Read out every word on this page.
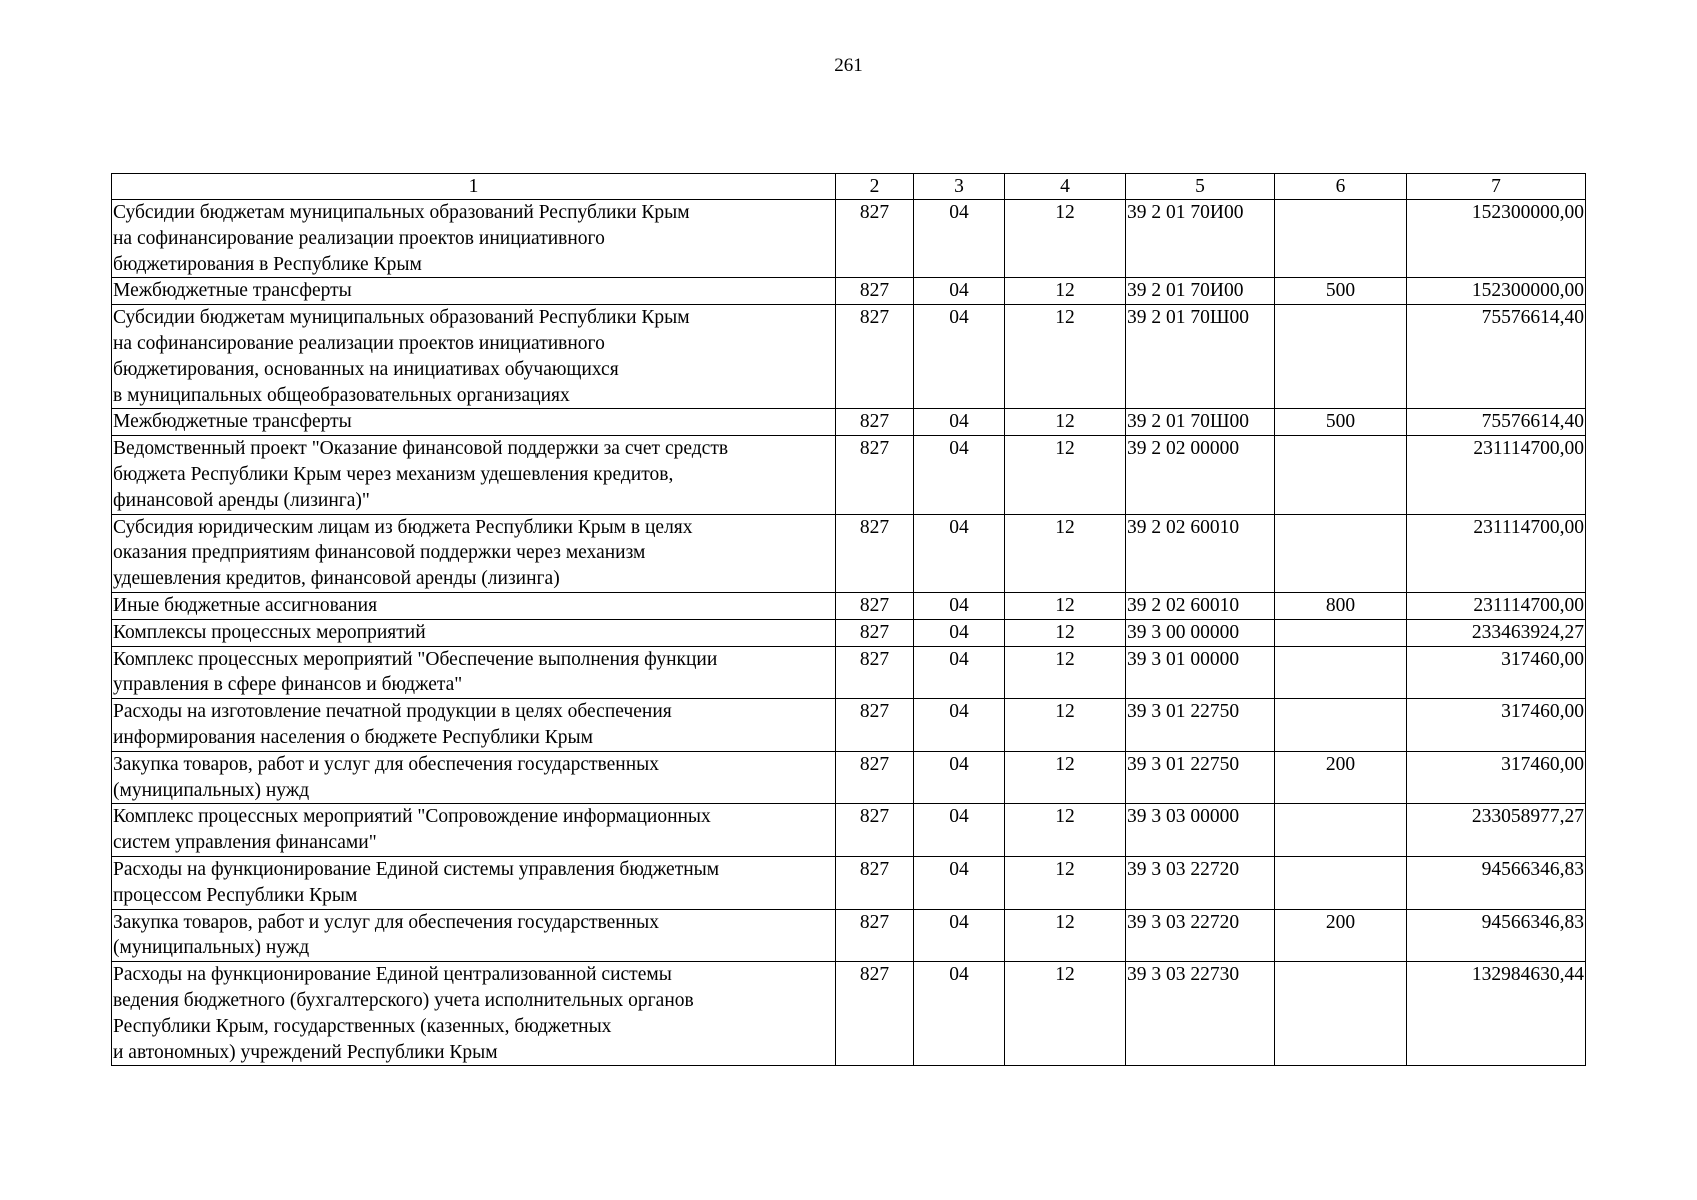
261
1	2	3	4	5	6	7

Субсидии бюджетам муниципальных образований Республики Крым
на софинансирование реализации проектов инициативного
бюджетирования в Республике Крым	827	04	12	39 2 01 70И00		152300000,00

Межбюджетные трансферты	827	04	12	39 2 01 70И00	500	152300000,00

Субсидии бюджетам муниципальных образований Республики Крым
на софинансирование реализации проектов инициативного
бюджетирования, основанных на инициативах обучающихся
в муниципальных общеобразовательных организациях	827	04	12	39 2 01 70Ш00		75576614,40

Межбюджетные трансферты	827	04	12	39 2 01 70Ш00	500	75576614,40

Ведомственный проект "Оказание финансовой поддержки за счет средств
бюджета Республики Крым через механизм удешевления кредитов,
финансовой аренды (лизинга)"	827	04	12	39 2 02 00000		231114700,00

Субсидия юридическим лицам из бюджета Республики Крым в целях
оказания предприятиям финансовой поддержки через механизм
удешевления кредитов, финансовой аренды (лизинга)	827	04	12	39 2 02 60010		231114700,00

Иные бюджетные ассигнования	827	04	12	39 2 02 60010	800	231114700,00

Комплексы процессных мероприятий	827	04	12	39 3 00 00000		233463924,27

Комплекс процессных мероприятий "Обеспечение выполнения функции
управления в сфере финансов и бюджета"	827	04	12	39 3 01 00000		317460,00

Расходы на изготовление печатной продукции в целях обеспечения
информирования населения о бюджете Республики Крым	827	04	12	39 3 01 22750		317460,00

Закупка товаров, работ и услуг для обеспечения государственных
(муниципальных) нужд	827	04	12	39 3 01 22750	200	317460,00

Комплекс процессных мероприятий "Сопровождение информационных
систем управления финансами"	827	04	12	39 3 03 00000		233058977,27

Расходы на функционирование Единой системы управления бюджетным
процессом Республики Крым	827	04	12	39 3 03 22720		94566346,83

Закупка товаров, работ и услуг для обеспечения государственных
(муниципальных) нужд	827	04	12	39 3 03 22720	200	94566346,83

Расходы на функционирование Единой централизованной системы
ведения бюджетного (бухгалтерского) учета исполнительных органов
Республики Крым, государственных (казенных, бюджетных
и автономных) учреждений Республики Крым	827	04	12	39 3 03 22730		132984630,44
